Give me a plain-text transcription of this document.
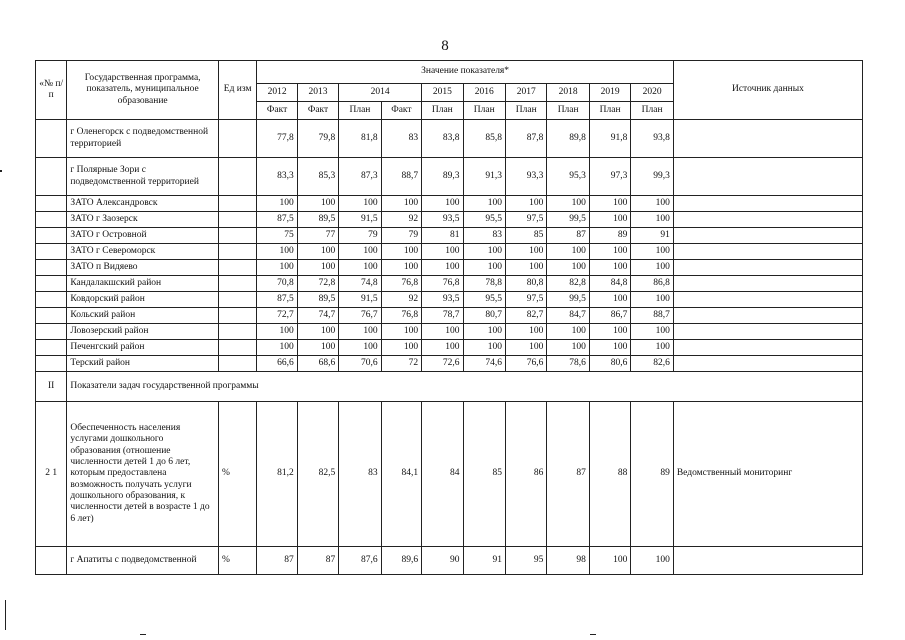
8
«№ п/п	Государственная программа, показатель, муниципальное образование	Ед изм	Значение показателя*										Источник данных
			2012	2013	2014		2015	2016	2017	2018	2019	2020	
			Факт	Факт	План	Факт	План	План	План	План	План	План	
	г Оленегорск с подведомственной территорией		77,8	79,8	81,8	83	83,8	85,8	87,8	89,8	91,8	93,8	
	г Полярные Зори с подведомственной территорией		83,3	85,3	87,3	88,7	89,3	91,3	93,3	95,3	97,3	99,3	
	ЗАТО Александровск		100	100	100	100	100	100	100	100	100	100	
	ЗАТО г Заозерск		87,5	89,5	91,5	92	93,5	95,5	97,5	99,5	100	100	
	ЗАТО г Островной		75	77	79	79	81	83	85	87	89	91	
	ЗАТО г Североморск		100	100	100	100	100	100	100	100	100	100	
	ЗАТО п Видяево		100	100	100	100	100	100	100	100	100	100	
	Кандалакшский район		70,8	72,8	74,8	76,8	76,8	78,8	80,8	82,8	84,8	86,8	
	Ковдорский район		87,5	89,5	91,5	92	93,5	95,5	97,5	99,5	100	100	
	Кольский район		72,7	74,7	76,7	76,8	78,7	80,7	82,7	84,7	86,7	88,7	
	Ловозерский район		100	100	100	100	100	100	100	100	100	100	
	Печенгский район		100	100	100	100	100	100	100	100	100	100	
	Терский район		66,6	68,6	70,6	72	72,6	74,6	76,6	78,6	80,6	82,6	
II	Показатели задач государственной программы												
2 1	Обеспеченность населения услугами дошкольного образования (отношение численности детей 1 до 6 лет, которым предоставлена возможность получать услуги дошкольного образования, к численности детей в возрасте 1 до 6 лет)	%	81,2	82,5	83	84,1	84	85	86	87	88	89	Ведомственный мониторинг
	г Апатиты с подведомственной	%	87	87	87,6	89,6	90	91	95	98	100	100	
